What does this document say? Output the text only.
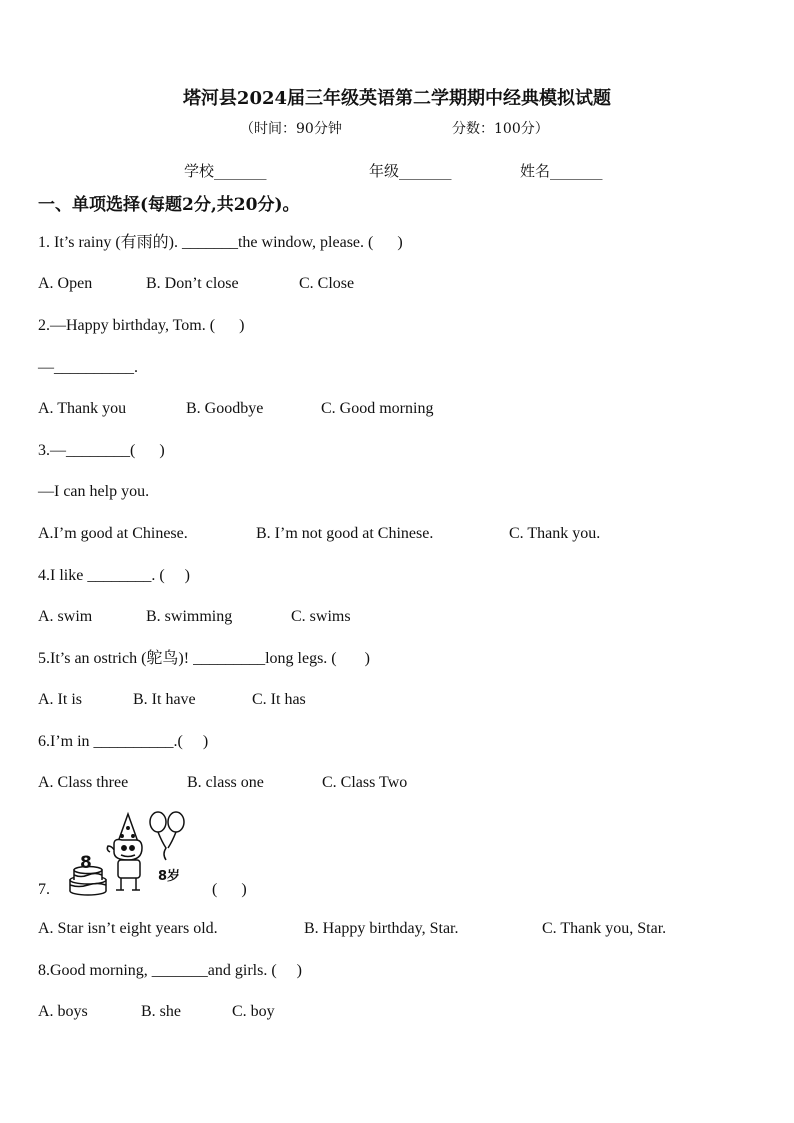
塔河县2024届三年级英语第二学期期中经典模拟试题
（时间：90分钟	分数：100分）
学校_______	年级_______	姓名_______
一、单项选择(每题2分,共20分)。
1. It’s rainy (有雨的). _______the window, please. (      )
A. Open	B. Don’t close	C. Close
2.—Happy birthday, Tom. (      )
—__________.
A. Thank you	B. Goodbye	C. Good morning
3.—________(      )
—I can help you.
A.I’m good at Chinese.	B. I’m not good at Chinese.	C. Thank you.
4.I like ________. (     )
A. swim	B. swimming	C. swims
5.It’s an ostrich (鸵鸟)! _________long legs. (       )
A. It is	B. It have	C. It has
6.I’m in __________.(     )
A. Class three	B. class one	C. Class Two
7.
8
8岁
(      )
A. Star isn’t eight years old.	B. Happy birthday, Star.	C. Thank you, Star.
8.Good morning, _______and girls. (     )
A. boys	B. she	C. boy
